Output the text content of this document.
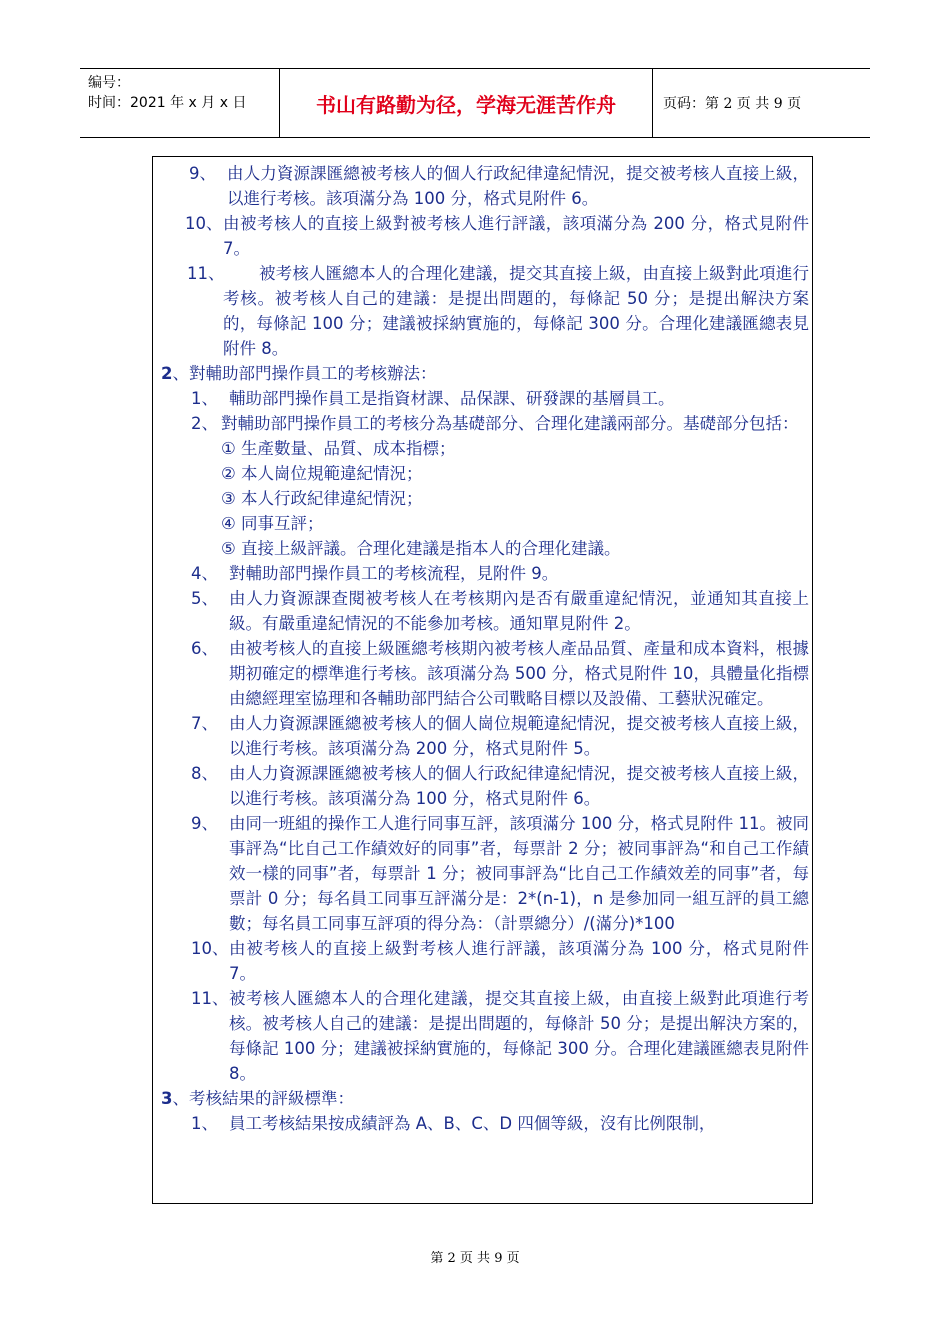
编号：
时间：2021 年 x 月 x 日	书山有路勤为径，学海无涯苦作舟	页码：第 2 页 共 9 页
9、 由人力資源課匯總被考核人的個人行政紀律違紀情況，提交被考核人直接上級，以進行考核。該項滿分為 100 分，格式見附件 6。
10、 由被考核人的直接上級對被考核人進行評議，該項滿分為 200 分，格式見附件 7。
11、	被考核人匯總本人的合理化建議，提交其直接上級，由直接上級對此項進行考核。被考核人自己的建議：是提出問題的，每條記 50 分；是提出解決方案的，每條記 100 分；建議被採納實施的，每條記 300 分。合理化建議匯總表見附件 8。
2 、對輔助部門操作員工的考核辦法：
1、 輔助部門操作員工是指資材課、品保課、研發課的基層員工。
2、 對輔助部門操作員工的考核分為基礎部分、合理化建議兩部分。基礎部分包括：
① 生產數量、品質、成本指標；
② 本人崗位規範違紀情況；
③ 本人行政紀律違紀情況；
④ 同事互評；
⑤ 直接上級評議。合理化建議是指本人的合理化建議。
4、 對輔助部門操作員工的考核流程，見附件 9。
5、 由人力資源課查閱被考核人在考核期內是否有嚴重違紀情況，並通知其直接上級。有嚴重違紀情況的不能參加考核。通知單見附件 2。
6、 由被考核人的直接上級匯總考核期內被考核人產品品質、產量和成本資料，根據期初確定的標準進行考核。該項滿分為 500 分，格式見附件 10，具體量化指標由總經理室協理和各輔助部門結合公司戰略目標以及設備、工藝狀況確定。
7、 由人力資源課匯總被考核人的個人崗位規範違紀情況，提交被考核人直接上級，以進行考核。該項滿分為 200 分，格式見附件 5。
8、 由人力資源課匯總被考核人的個人行政紀律違紀情況，提交被考核人直接上級，以進行考核。該項滿分為 100 分，格式見附件 6。
9、 由同一班組的操作工人進行同事互評，該項滿分 100 分，格式見附件 11。被同事評為“比自己工作績效好的同事”者，每票計 2 分；被同事評為“和自己工作績效一樣的同事”者，每票計 1 分；被同事評為“比自己工作績效差的同事”者，每票計 0 分；每名員工同事互評滿分是：2*(n-1)，n 是參加同一組互評的員工總數；每名員工同事互評項的得分為：（計票總分）/(滿分)*100
10、 由被考核人的直接上級對考核人進行評議，該項滿分為 100 分，格式見附件 7。
11、 被考核人匯總本人的合理化建議，提交其直接上級，由直接上級對此項進行考核。被考核人自己的建議：是提出問題的，每條計 50 分；是提出解決方案的，每條記 100 分；建議被採納實施的，每條記 300 分。合理化建議匯總表見附件 8。
3 、考核結果的評級標準：
1、 員工考核結果按成績評為 A、B、C、D 四個等級，沒有比例限制，
第 2 页 共 9 页
